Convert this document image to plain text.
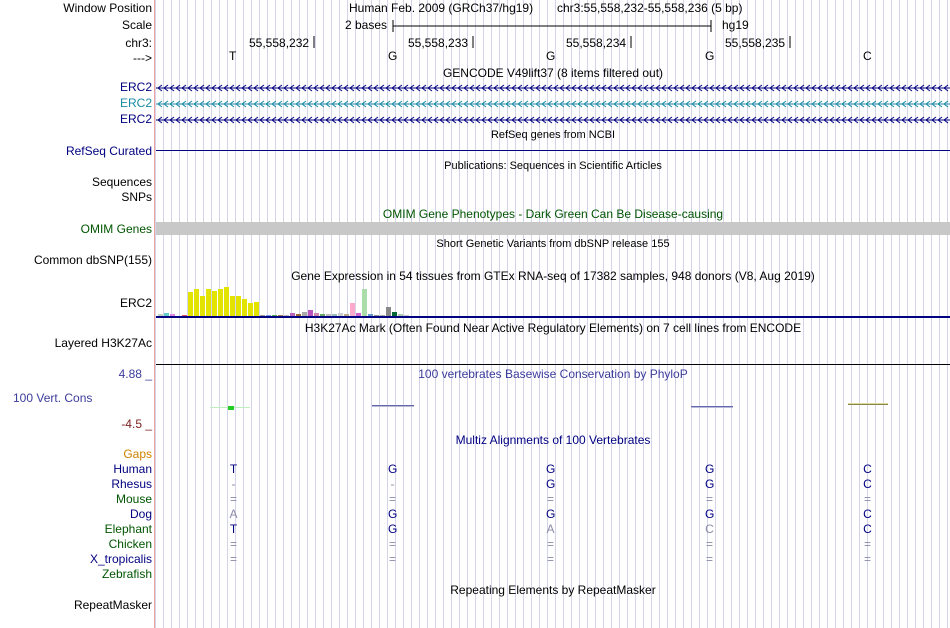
Window Position
Scale
chr3:
--->
Human Feb. 2009 (GRCh37/hg19) chr3:55,558,232-55,558,236 (5 bp)
2 bases	hg19
55,558,232	55,558,233	55,558,234	55,558,235
T	G	G	G	C
GENCODE V49lift37 (8 items filtered out)
ERC2
ERC2
ERC2
RefSeq genes from NCBI
RefSeq Curated
Publications: Sequences in Scientific Articles
Sequences
SNPs
OMIM Gene Phenotypes - Dark Green Can Be Disease-causing
OMIM Genes
Short Genetic Variants from dbSNP release 155
Common dbSNP(155)
Gene Expression in 54 tissues from GTEx RNA-seq of 17382 samples, 948 donors (V8, Aug 2019)
ERC2
H3K27Ac Mark (Often Found Near Active Regulatory Elements) on 7 cell lines from ENCODE
Layered H3K27Ac
100 vertebrates Basewise Conservation by PhyloP
4.88 _
100 Vert. Cons
-4.5 _
Multiz Alignments of 100 Vertebrates
Gaps
Human	T	G	G	G	C
Rhesus	-	-	G	G	C
Mouse	=	=	=	=	=
Dog	A	G	G	G	C
Elephant	T	G	A	C	C
Chicken	=	=	=	=	=
X_tropicalis	=	=	=	=	=
Zebrafish
Repeating Elements by RepeatMasker
RepeatMasker
